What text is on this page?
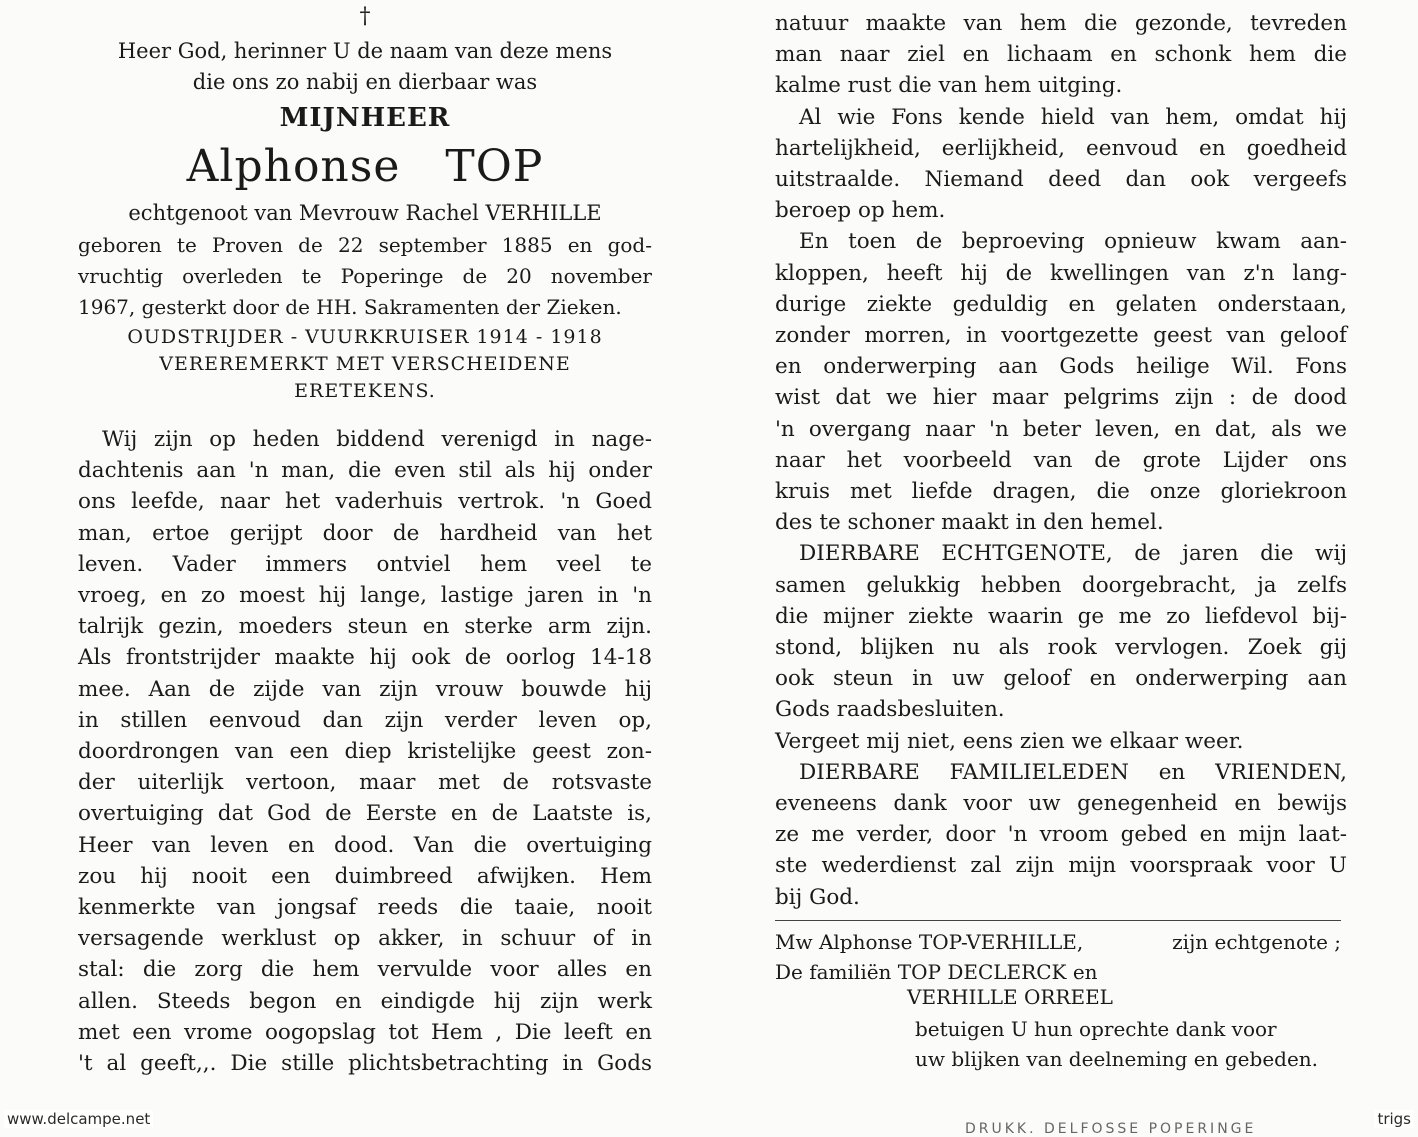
†
Heer God, herinner U de naam van deze mens
die ons zo nabij en dierbaar was
MIJNHEER
Alphonse   TOP
echtgenoot van Mevrouw Rachel VERHILLE
geboren te Proven de 22 september 1885 en god-
vruchtig overleden te Poperinge de 20 november
1967, gesterkt door de HH. Sakramenten der Zieken.
OUDSTRIJDER - VUURKRUISER 1914 - 1918
VEREREMERKT MET VERSCHEIDENE
ERETEKENS.
Wij zijn op heden biddend verenigd in nage-
dachtenis aan 'n man, die even stil als hij onder
ons leefde, naar het vaderhuis vertrok. 'n Goed
man, ertoe gerijpt door de hardheid van het
leven. Vader immers ontviel hem veel te
vroeg, en zo moest hij lange, lastige jaren in 'n
talrijk gezin, moeders steun en sterke arm zijn.
Als frontstrijder maakte hij ook de oorlog 14-18
mee. Aan de zijde van zijn vrouw bouwde hij
in stillen eenvoud dan zijn verder leven op,
doordrongen van een diep kristelijke geest zon-
der uiterlijk vertoon, maar met de rotsvaste
overtuiging dat God de Eerste en de Laatste is,
Heer van leven en dood. Van die overtuiging
zou hij nooit een duimbreed afwijken. Hem
kenmerkte van jongsaf reeds die taaie, nooit
versagende werklust op akker, in schuur of in
stal: die zorg die hem vervulde voor alles en
allen. Steeds begon en eindigde hij zijn werk
met een vrome oogopslag tot Hem , Die leeft en
't al geeft,,. Die stille plichtsbetrachting in Gods
natuur maakte van hem die gezonde, tevreden
man naar ziel en lichaam en schonk hem die
kalme rust die van hem uitging.
Al wie Fons kende hield van hem, omdat hij
hartelijkheid, eerlijkheid, eenvoud en goedheid
uitstraalde. Niemand deed dan ook vergeefs
beroep op hem.
En toen de beproeving opnieuw kwam aan-
kloppen, heeft hij de kwellingen van z'n lang-
durige ziekte geduldig en gelaten onderstaan,
zonder morren, in voortgezette geest van geloof
en onderwerping aan Gods heilige Wil. Fons
wist dat we hier maar pelgrims zijn : de dood
'n overgang naar 'n beter leven, en dat, als we
naar het voorbeeld van de grote Lijder ons
kruis met liefde dragen, die onze gloriekroon
des te schoner maakt in den hemel.
DIERBARE ECHTGENOTE, de jaren die wij
samen gelukkig hebben doorgebracht, ja zelfs
die mijner ziekte waarin ge me zo liefdevol bij-
stond, blijken nu als rook vervlogen. Zoek gij
ook steun in uw geloof en onderwerping aan
Gods raadsbesluiten.
Vergeet mij niet, eens zien we elkaar weer.
DIERBARE FAMILIELEDEN en VRIENDEN,
eveneens dank voor uw genegenheid en bewijs
ze me verder, door 'n vroom gebed en mijn laat-
ste wederdienst zal zijn mijn voorspraak voor U
bij God.
Mw Alphonse TOP-VERHILLE,	zijn echtgenote ;
De familiën TOP DECLERCK en
VERHILLE ORREEL
betuigen U hun oprechte dank voor
uw blijken van deelneming en gebeden.
DRUKK. DELFOSSE POPERINGE
www.delcampe.net	trigs
